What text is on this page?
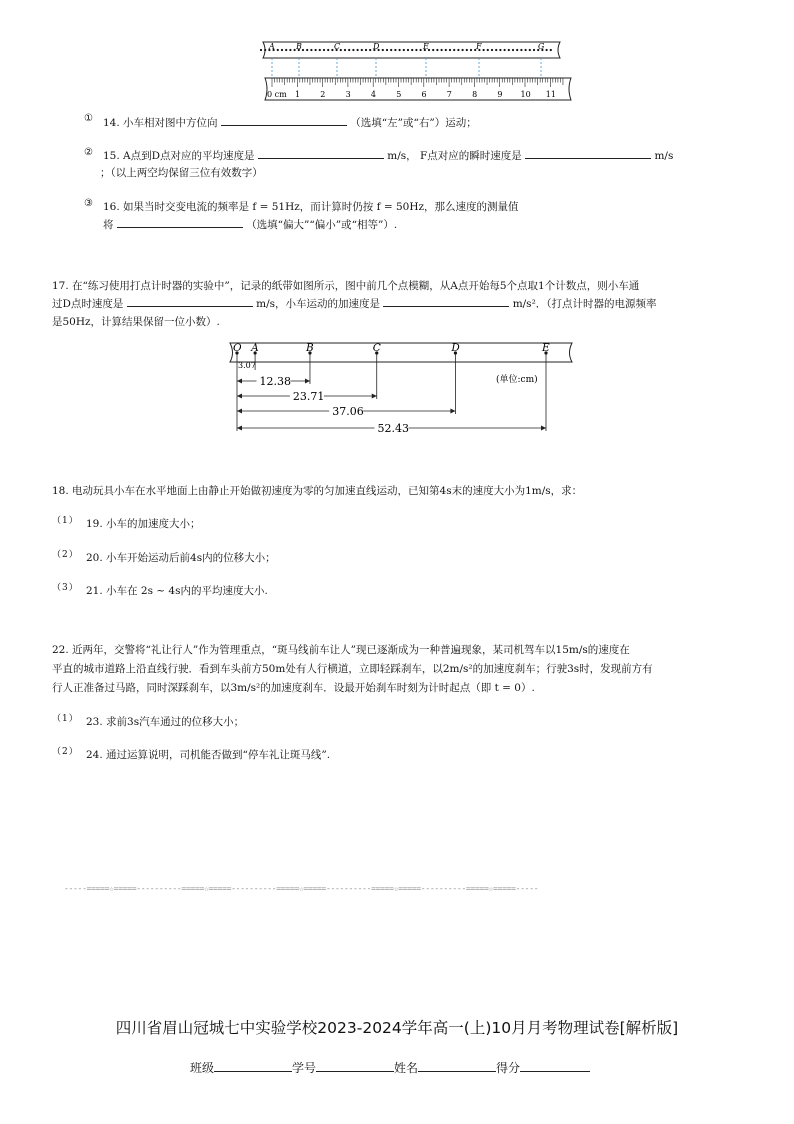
A	B	C	D	E	F	G
0 cm 1	2	3	4	5	6	7	8	9 10 11
① 14. 小车相对图中方位向	（选填“左”或“右”）运动；
② 15. A点到D点对应的平均速度是	m/s， F点对应的瞬时速度是	m/s
；（以上两空均保留三位有效数字）
③ 16. 如果当时交变电流的频率是 f = 51Hz，而计算时仍按 f = 50Hz，那么速度的测量值
将	（选填“偏大”“偏小”或“相等”）.
17. 在“练习使用打点计时器的实验中”，记录的纸带如图所示，图中前几个点模糊，从A点开始每5个点取1个计数点，则小车通
过D点时速度是	m/s，小车运动的加速度是	m/s²．（打点计时器的电源频率
是50Hz，计算结果保留一位小数）.
O A	B	C	D	E
3.07
12.38
23.71
37.06
52.43
(单位:cm)
18. 电动玩具小车在水平地面上由静止开始做初速度为零的匀加速直线运动，已知第4s末的速度大小为1m/s，求：
（1） 19. 小车的加速度大小；
（2） 20. 小车开始运动后前4s内的位移大小；
（3） 21. 小车在 2s ~ 4s内的平均速度大小.
22. 近两年，交警将“礼让行人”作为管理重点，“斑马线前车让人”现已逐渐成为一种普遍现象，某司机驾车以15m/s的速度在
平直的城市道路上沿直线行驶．看到车头前方50m处有人行横道，立即轻踩刹车，以2m/s²的加速度刹车；行驶3s时，发现前方有
行人正准备过马路，同时深踩刹车，以3m/s²的加速度刹车．设最开始刹车时刻为计时起点（即 t = 0）.
（1） 23. 求前3s汽车通过的位移大小；
（2） 24. 通过运算说明，司机能否做到“停车礼让斑马线”.
-----=====☆=====----------=====☆=====----------=====☆=====----------=====☆=====----------=====☆=====-----
四川省眉山冠城七中实验学校2023-2024学年高一(上)10月月考物理试卷[解析版]
班级	学号	姓名	得分
